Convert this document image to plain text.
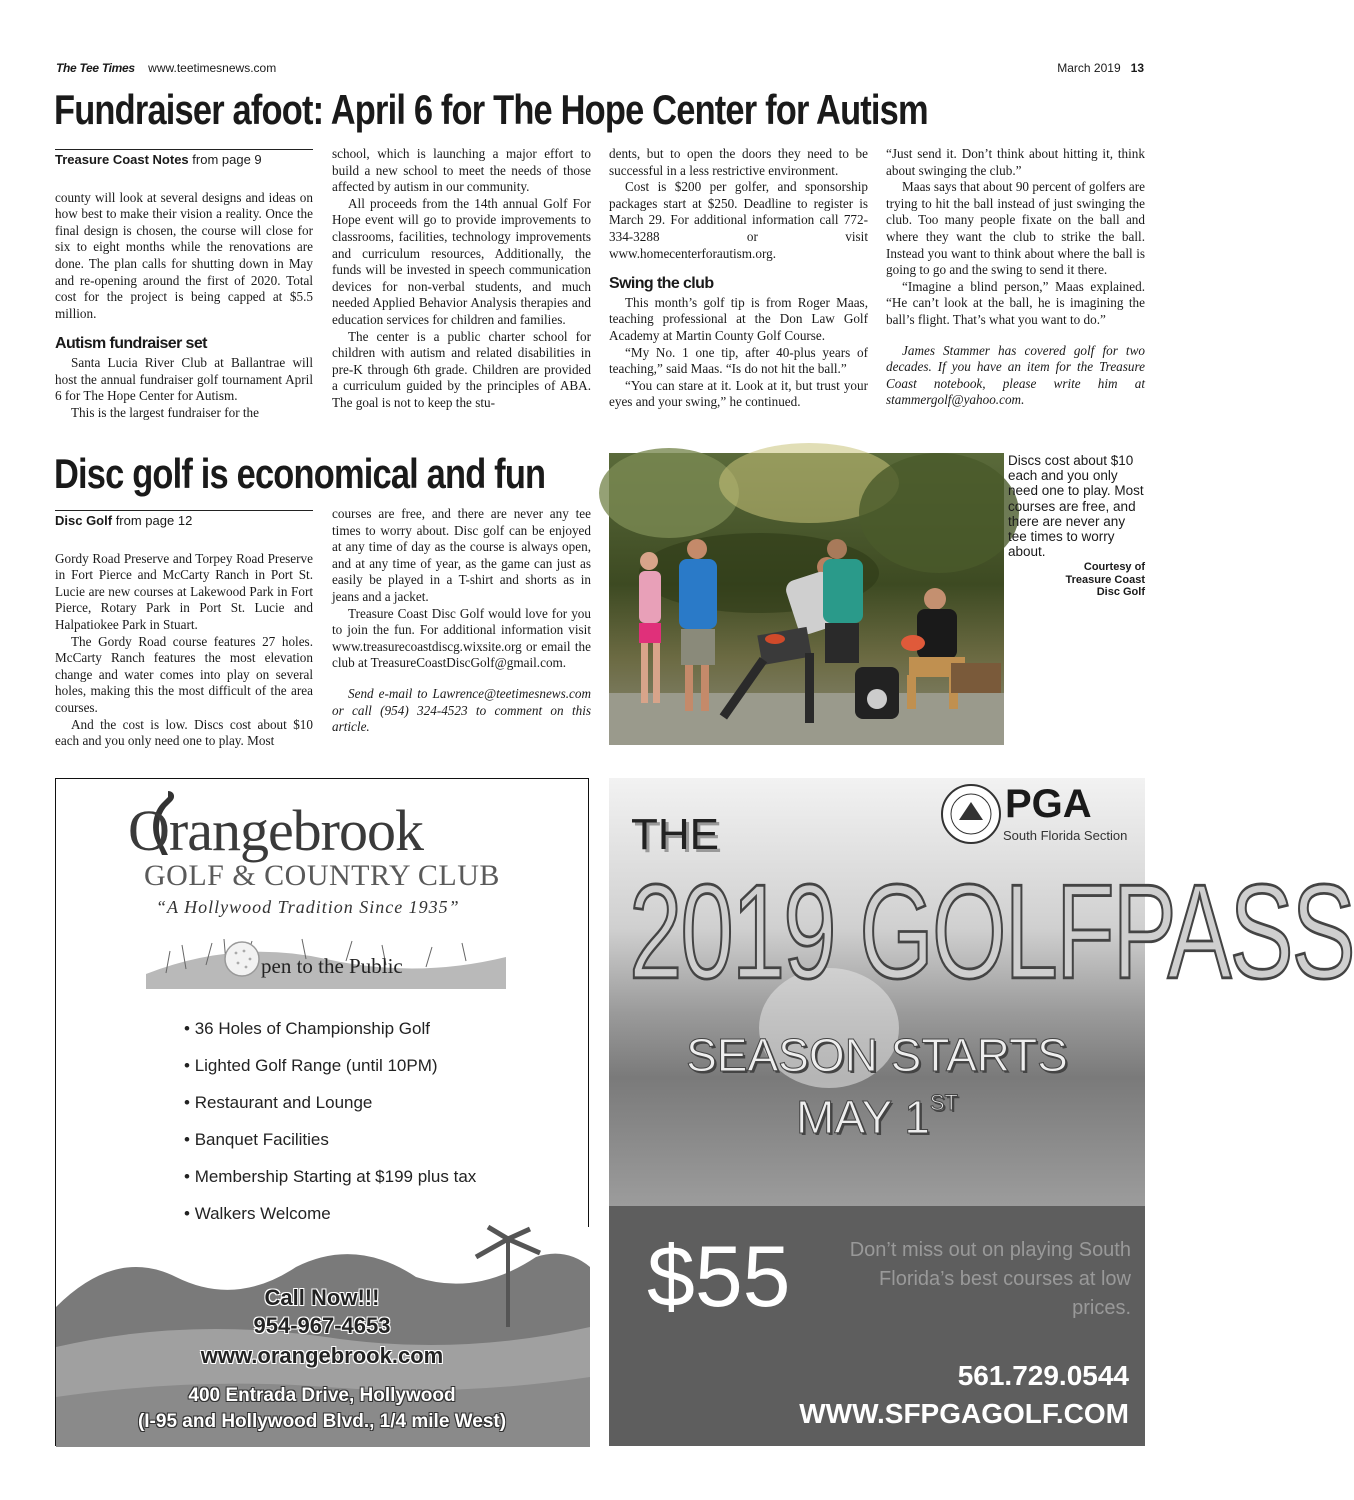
The Tee Times www.teetimesnews.com	March 2019 13
Fundraiser afoot: April 6 for The Hope Center for Autism
Treasure Coast Notes from page 9

county will look at several designs and ideas on how best to make their vision a reality. Once the final design is chosen, the course will close for six to eight months while the renovations are done. The plan calls for shutting down in May and re-opening around the first of 2020. Total cost for the project is being capped at $5.5 million.

Autism fundraiser set

Santa Lucia River Club at Ballantrae will host the annual fundraiser golf tournament April 6 for The Hope Center for Autism.

This is the largest fundraiser for the

school, which is launching a major effort to build a new school to meet the needs of those affected by autism in our community.

All proceeds from the 14th annual Golf For Hope event will go to provide improvements to classrooms, facilities, technology improvements and curriculum resources, Additionally, the funds will be invested in speech communication devices for non-verbal students, and much needed Applied Behavior Analysis therapies and education services for children and families.

The center is a public charter school for children with autism and related disabilities in pre-K through 6th grade. Children are provided a curriculum guided by the principles of ABA. The goal is not to keep the stu-

dents, but to open the doors they need to be successful in a less restrictive environment.

Cost is $200 per golfer, and sponsorship packages start at $250. Deadline to register is March 29. For additional information call 772-334-3288 or visit www.homecenterforautism.org.

Swing the club

This month’s golf tip is from Roger Maas, teaching professional at the Don Law Golf Academy at Martin County Golf Course.

“My No. 1 one tip, after 40-plus years of teaching,” said Maas. “Is do not hit the ball.”

“You can stare at it. Look at it, but trust your eyes and your swing,” he continued.

“Just send it. Don’t think about hitting it, think about swinging the club.”

Maas says that about 90 percent of golfers are trying to hit the ball instead of just swinging the club. Too many people fixate on the ball and where they want the club to strike the ball. Instead you want to think about where the ball is going to go and the swing to send it there.

“Imagine a blind person,” Maas explained. “He can’t look at the ball, he is imagining the ball’s flight. That’s what you want to do.”

James Stammer has covered golf for two decades. If you have an item for the Treasure Coast notebook, please write him at stammergolf@yahoo.com.

Disc golf is economical and fun
Disc Golf from page 12

Gordy Road Preserve and Torpey Road Preserve in Fort Pierce and McCarty Ranch in Port St. Lucie are new courses at Lakewood Park in Fort Pierce, Rotary Park in Port St. Lucie and Halpatiokee Park in Stuart.

The Gordy Road course features 27 holes. McCarty Ranch features the most elevation change and water comes into play on several holes, making this the most difficult of the area courses.

And the cost is low. Discs cost about $10 each and you only need one to play. Most

courses are free, and there are never any tee times to worry about. Disc golf can be enjoyed at any time of day as the course is always open, and at any time of year, as the game can just as easily be played in a T-shirt and shorts as in jeans and a jacket.

Treasure Coast Disc Golf would love for you to join the fun. For additional information visit www.treasurecoastdiscg.wixsite.org or email the club at TreasureCoastDiscGolf@gmail.com.

Send e-mail to Lawrence@teetimesnews.com or call (954) 324-4523 to comment on this article.

Discs cost about $10 each and you only need one to play. Most courses are free, and there are never any tee times to worry about.
Courtesy of
Treasure Coast
Disc Golf
Orangebrook
GOLF & COUNTRY CLUB
“A Hollywood Tradition Since 1935”
pen to the Public
• 36 Holes of Championship Golf
• Lighted Golf Range (until 10PM)
• Restaurant and Lounge
• Banquet Facilities
• Membership Starting at $199 plus tax
• Walkers Welcome
Call Now!!!
954-967-4653
www.orangebrook.com
400 Entrada Drive, Hollywood
(I-95 and Hollywood Blvd., 1/4 mile West)
PGA
South Florida Section
THE
2019 GOLFPASS
SEASON STARTS
MAY 1ST
$55	Don’t miss out on playing South Florida’s best courses at low prices.
561.729.0544
WWW.SFPGAGOLF.COM
